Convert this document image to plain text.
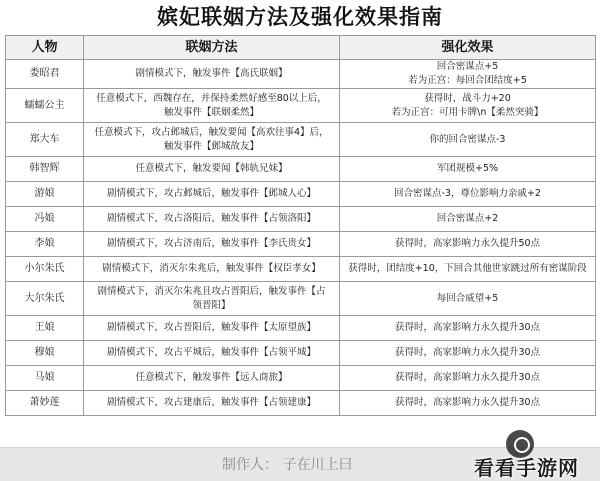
嫔妃联姻方法及强化效果指南
人物	联姻方法	强化效果
娄昭君	剧情模式下，触发事件【高氏联姻】	回合密谋点+5
若为正宫：每回合团结度+5
蠕蠕公主	任意模式下，西魏存在，并保持柔然好感至80以上后，
触发事件【联姻柔然】	获得时，战斗力+20
若为正宫：可用卡牌\n【柔然突骑】
郑大车	任意模式下，攻占邺城后，触发要闻【高欢往事4】后，
触发事件【邺城故友】	你的回合密谋点-3
韩智辉	任意模式下，触发要闻【韩轨兄妹】	军团规模+5%
游娘	剧情模式下，攻占邺城后，触发事件【邺城人心】	回合密谋点-3，尊位影响力亲戚+2
冯娘	剧情模式下，攻占洛阳后，触发事件【占领洛阳】	回合密谋点+2
李娘	剧情模式下，攻占济南后，触发事件【李氏贵女】	获得时，高家影响力永久提升50点
小尔朱氏	剧情模式下，消灭尔朱兆后，触发事件【权臣孝女】	获得时，团结度+10，下回合其他世家跳过所有密谋阶段
大尔朱氏	剧情模式下，消灭尔朱兆且攻占晋阳后，触发事件【占
领晋阳】	每回合威望+5
王娘	剧情模式下，攻占晋阳后，触发事件【太原望族】	获得时，高家影响力永久提升30点
穆娘	剧情模式下，攻占平城后，触发事件【占领平城】	获得时，高家影响力永久提升30点
马娘	任意模式下，触发事件【远人商旅】	获得时，高家影响力永久提升30点
萧妙莲	剧情模式下，攻占建康后，触发事件【占领建康】	获得时，高家影响力永久提升30点
制作人： 子在川上曰	看看手游网
